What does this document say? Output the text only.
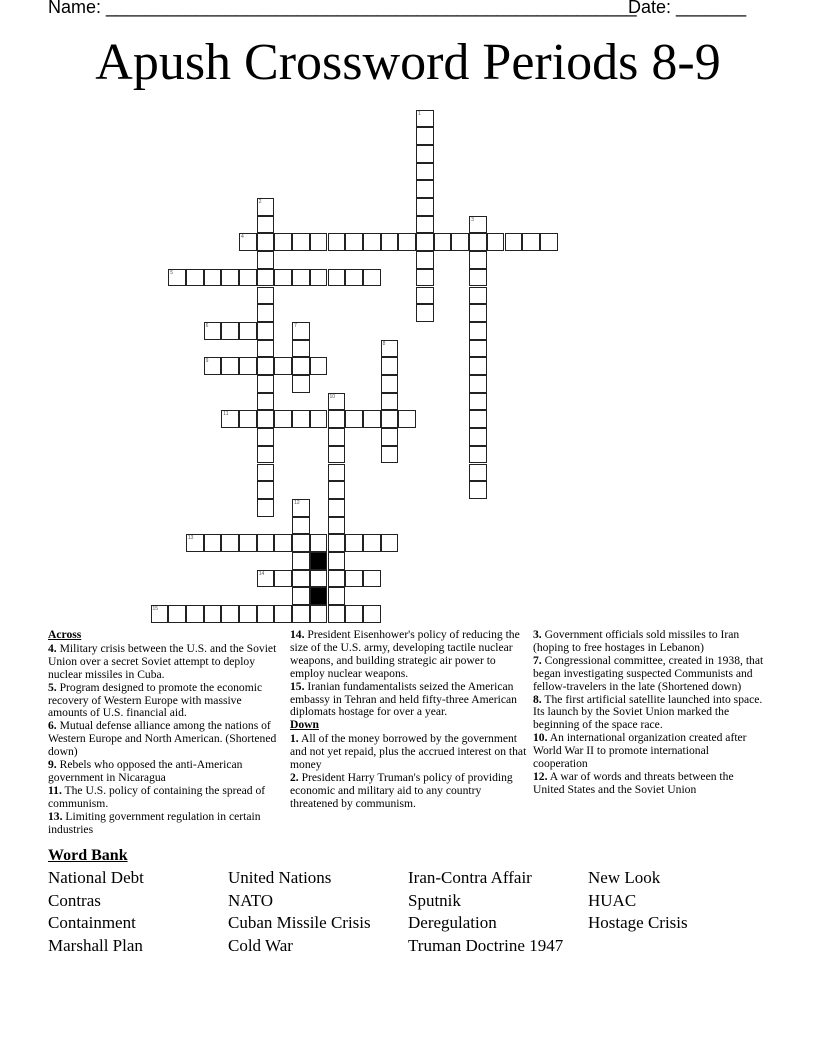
Name: _____________________________________________________
Date: _______
Apush Crossword Periods 8-9
1
2
3
4
5
6	7
8
9
10
11
12
13
14
15
Across
4. Military crisis between the U.S. and the Soviet Union over a secret Soviet attempt to deploy nuclear missiles in Cuba.
5. Program designed to promote the economic recovery of Western Europe with massive amounts of U.S. financial aid.
6. Mutual defense alliance among the nations of Western Europe and North American. (Shortened down)
9. Rebels who opposed the anti-American government in Nicaragua
11. The U.S. policy of containing the spread of communism.
13. Limiting government regulation in certain industries
14. President Eisenhower's policy of reducing the size of the U.S. army, developing tactile nuclear weapons, and building strategic air power to employ nuclear weapons.
15. Iranian fundamentalists seized the American embassy in Tehran and held fifty-three American diplomats hostage for over a year.
Down
1. All of the money borrowed by the government and not yet repaid, plus the accrued interest on that money
2. President Harry Truman's policy of providing economic and military aid to any country threatened by communism.
3. Government officials sold missiles to Iran (hoping to free hostages in Lebanon)
7. Congressional committee, created in 1938, that began investigating suspected Communists and fellow-travelers in the late (Shortened down)
8. The first artificial satellite launched into space. Its launch by the Soviet Union marked the beginning of the space race.
10. An international organization created after World War II to promote international cooperation
12. A war of words and threats between the United States and the Soviet Union
Word Bank
National Debt	United Nations	Iran-Contra Affair	New Look
Contras	NATO	Sputnik	HUAC
Containment	Cuban Missile Crisis	Deregulation	Hostage Crisis
Marshall Plan	Cold War	Truman Doctrine 1947
